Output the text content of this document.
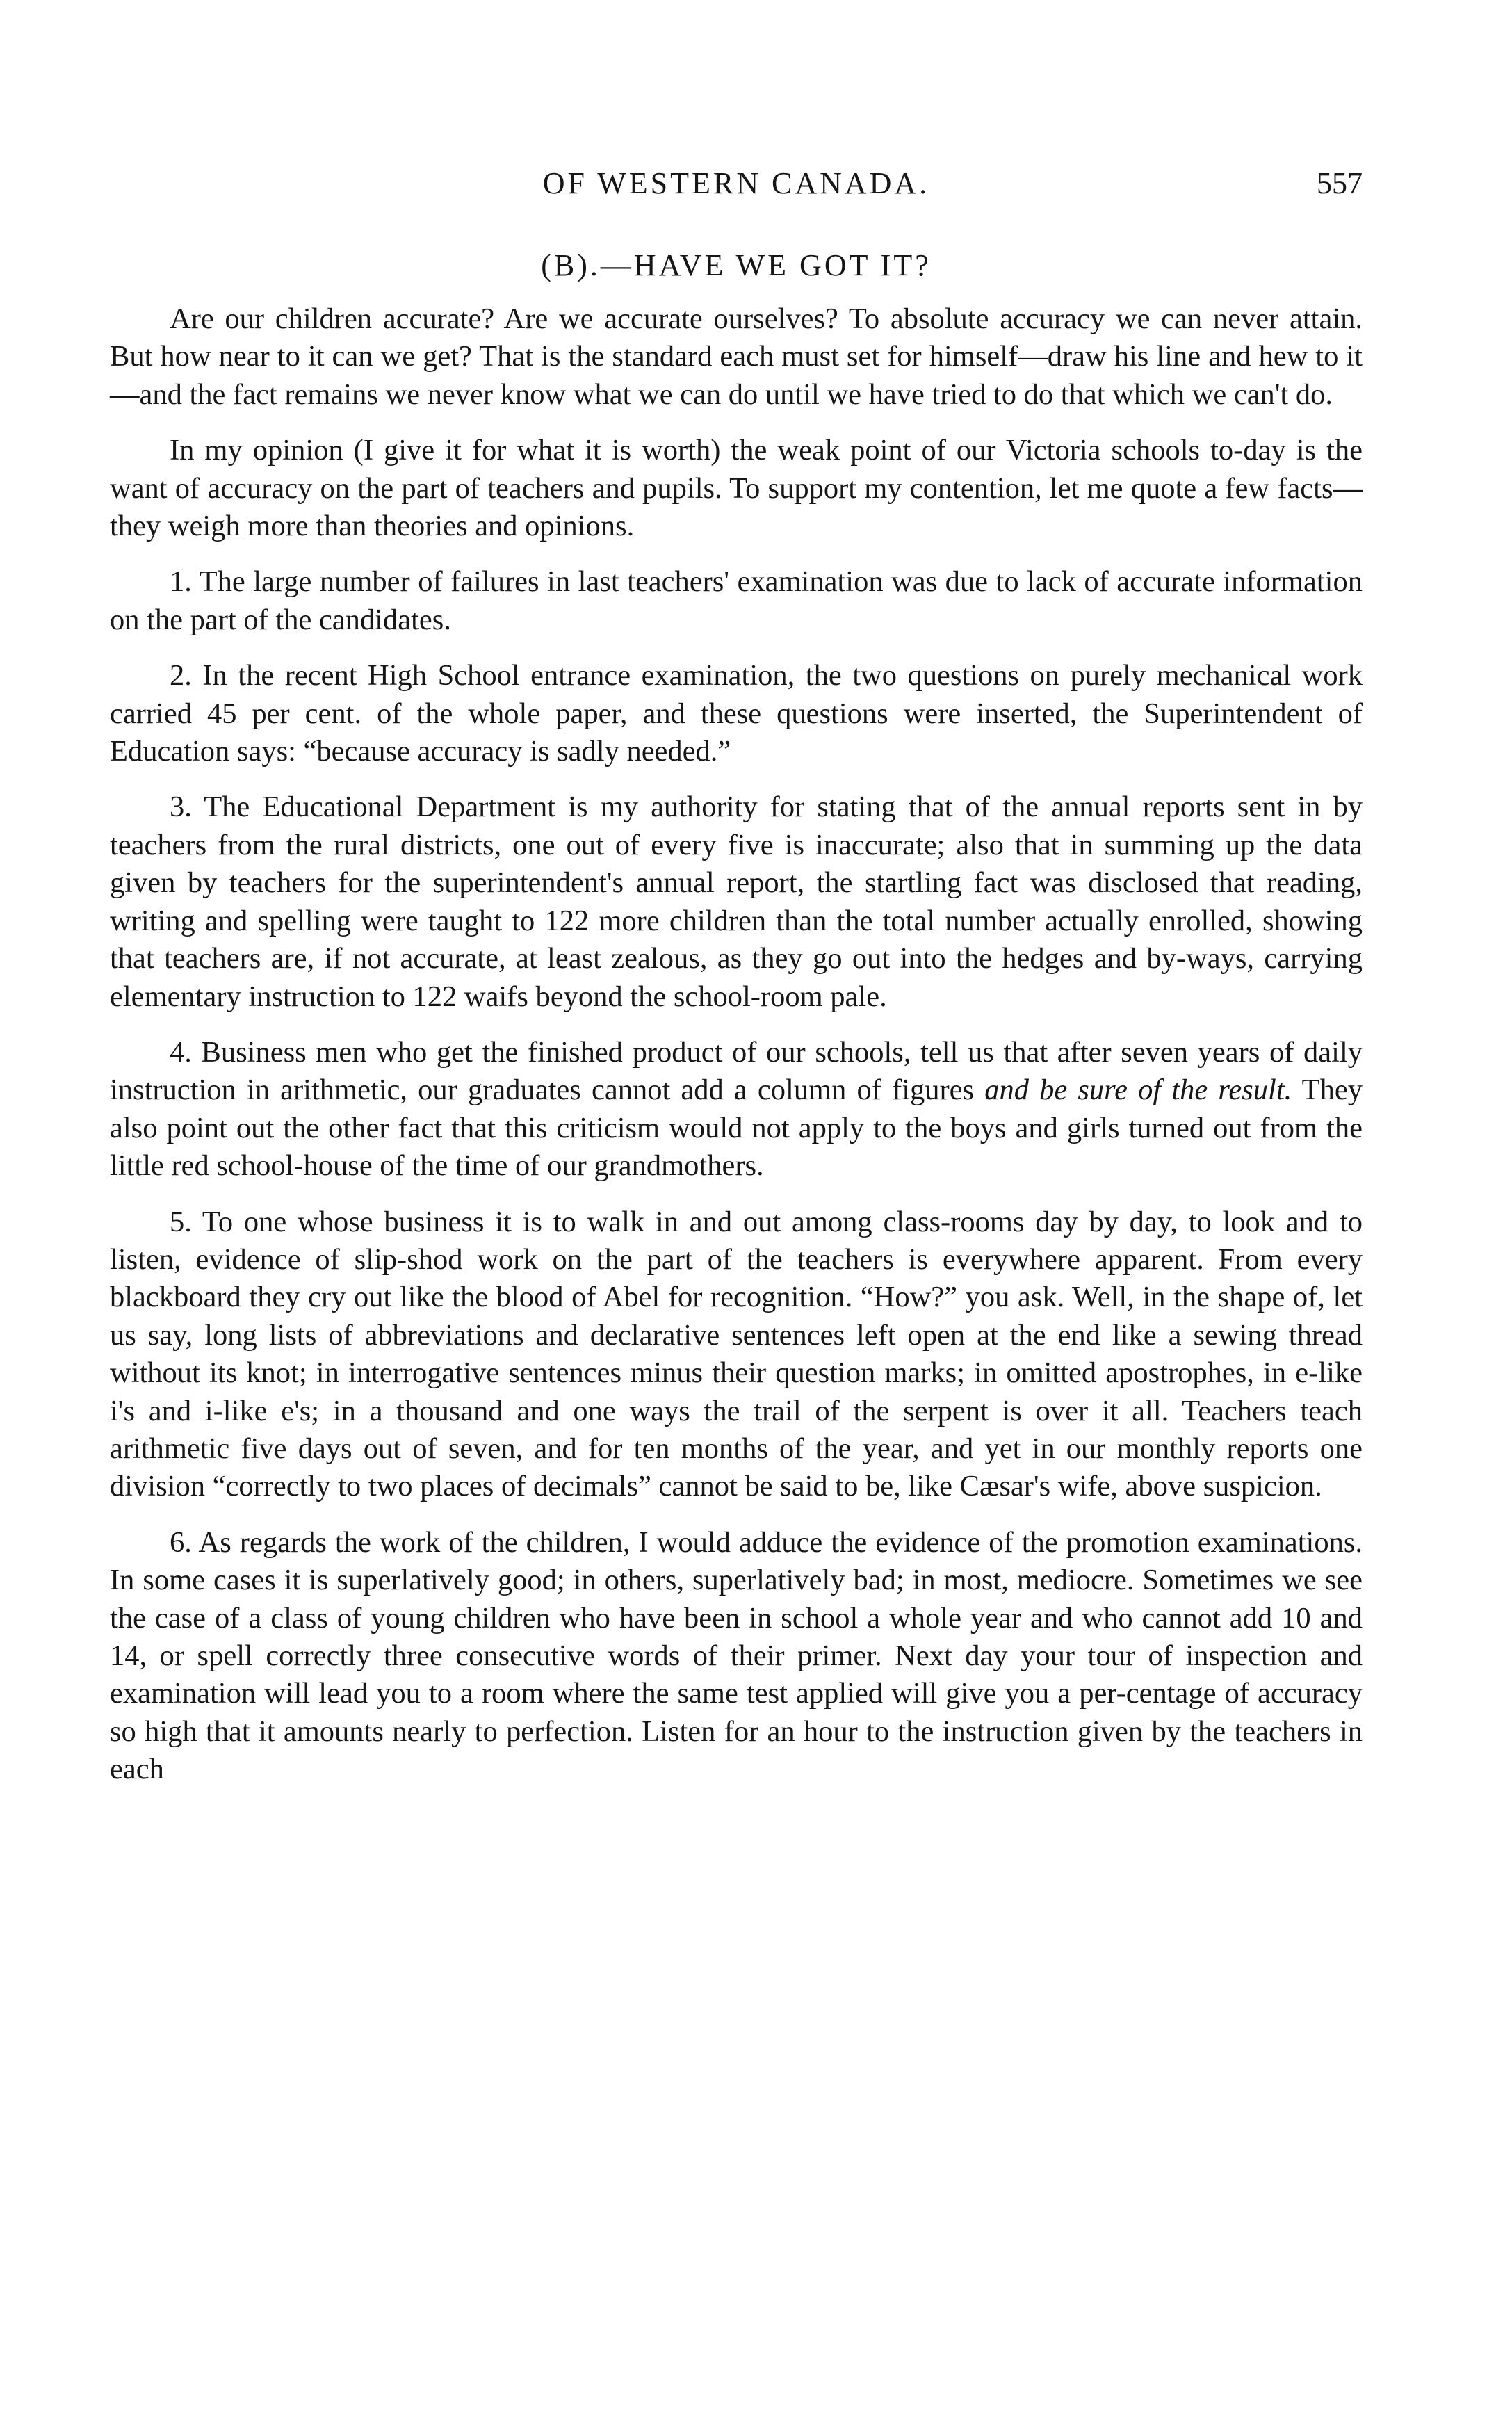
OF WESTERN CANADA.	557
(B).—HAVE WE GOT IT?

Are our children accurate? Are we accurate ourselves? To absolute accuracy we can never attain. But how near to it can we get? That is the standard each must set for himself—draw his line and hew to it—and the fact remains we never know what we can do until we have tried to do that which we can't do.

In my opinion (I give it for what it is worth) the weak point of our Victoria schools to-day is the want of accuracy on the part of teachers and pupils. To support my contention, let me quote a few facts—they weigh more than theories and opinions.

1. The large number of failures in last teachers' examination was due to lack of accurate information on the part of the candidates.

2. In the recent High School entrance examination, the two questions on purely mechanical work carried 45 per cent. of the whole paper, and these questions were inserted, the Superintendent of Education says: “because accuracy is sadly needed.”

3. The Educational Department is my authority for stating that of the annual reports sent in by teachers from the rural districts, one out of every five is inaccurate; also that in summing up the data given by teachers for the superintendent's annual report, the startling fact was disclosed that reading, writing and spelling were taught to 122 more children than the total number actually enrolled, showing that teachers are, if not accurate, at least zealous, as they go out into the hedges and by-ways, carrying elementary instruction to 122 waifs beyond the school-room pale.

4. Business men who get the finished product of our schools, tell us that after seven years of daily instruction in arithmetic, our graduates cannot add a column of figures and be sure of the result. They also point out the other fact that this criticism would not apply to the boys and girls turned out from the little red school-house of the time of our grandmothers.

5. To one whose business it is to walk in and out among class-rooms day by day, to look and to listen, evidence of slip-shod work on the part of the teachers is everywhere apparent. From every blackboard they cry out like the blood of Abel for recognition. “How?” you ask. Well, in the shape of, let us say, long lists of abbreviations and declarative sentences left open at the end like a sewing thread without its knot; in interrogative sentences minus their question marks; in omitted apostrophes, in e-like i's and i-like e's; in a thousand and one ways the trail of the serpent is over it all. Teachers teach arithmetic five days out of seven, and for ten months of the year, and yet in our monthly reports one division “correctly to two places of decimals” cannot be said to be, like Cæsar's wife, above suspicion.

6. As regards the work of the children, I would adduce the evidence of the promotion examinations. In some cases it is superlatively good; in others, superlatively bad; in most, mediocre. Sometimes we see the case of a class of young children who have been in school a whole year and who cannot add 10 and 14, or spell correctly three consecutive words of their primer. Next day your tour of inspection and examination will lead you to a room where the same test applied will give you a per-centage of accuracy so high that it amounts nearly to perfection. Listen for an hour to the instruction given by the teachers in each
